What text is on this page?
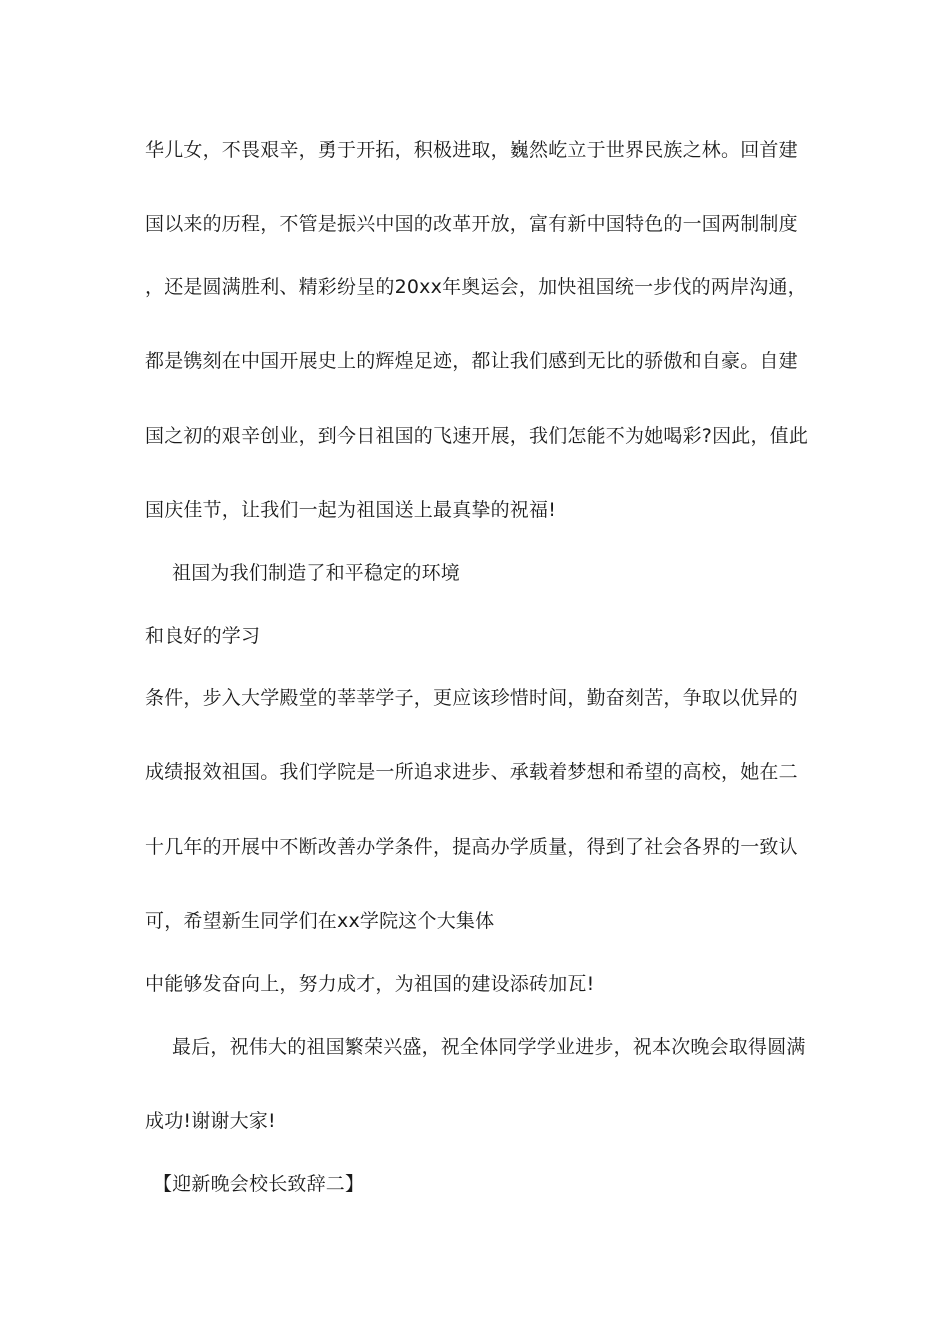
华儿女，不畏艰辛，勇于开拓，积极进取，巍然屹立于世界民族之林。回首建
国以来的历程，不管是振兴中国的改革开放，富有新中国特色的一国两制制度
，还是圆满胜利、精彩纷呈的20xx年奥运会，加快祖国统一步伐的两岸沟通，
都是镌刻在中国开展史上的辉煌足迹，都让我们感到无比的骄傲和自豪。自建
国之初的艰辛创业，到今日祖国的飞速开展，我们怎能不为她喝彩?因此，值此
国庆佳节，让我们一起为祖国送上最真挚的祝福!
祖国为我们制造了和平稳定的环境
和良好的学习
条件，步入大学殿堂的莘莘学子，更应该珍惜时间，勤奋刻苦，争取以优异的
成绩报效祖国。我们学院是一所追求进步、承载着梦想和希望的高校，她在二
十几年的开展中不断改善办学条件，提高办学质量，得到了社会各界的一致认
可，希望新生同学们在xx学院这个大集体
中能够发奋向上，努力成才，为祖国的建设添砖加瓦!
最后，祝伟大的祖国繁荣兴盛，祝全体同学学业进步，祝本次晚会取得圆满
成功!谢谢大家!
【迎新晚会校长致辞二】
